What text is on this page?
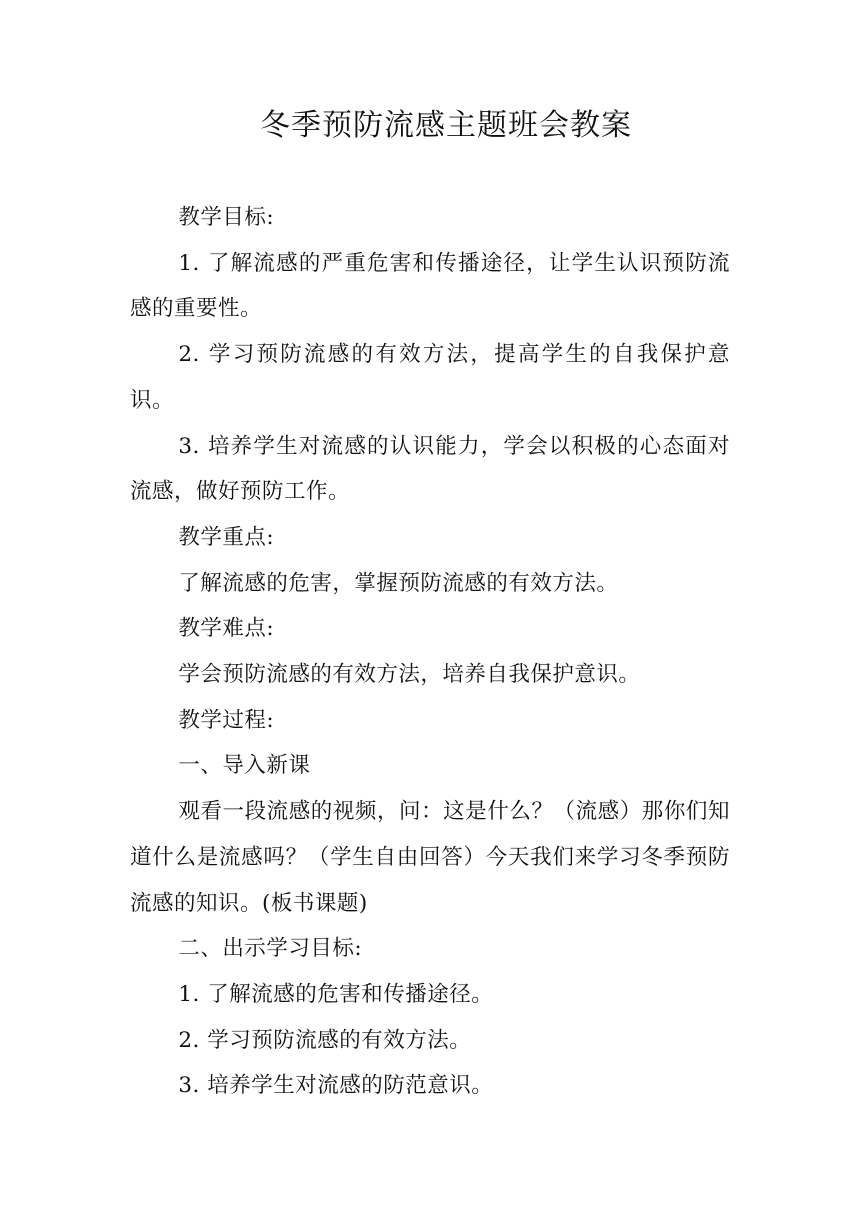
冬季预防流感主题班会教案

教学目标:

1. 了解流感的严重危害和传播途径，让学生认识预防流感的重要性。

2. 学习预防流感的有效方法，提高学生的自我保护意识。

3. 培养学生对流感的认识能力，学会以积极的心态面对流感，做好预防工作。

教学重点:

了解流感的危害，掌握预防流感的有效方法。

教学难点:

学会预防流感的有效方法，培养自我保护意识。

教学过程:

一、导入新课

观看一段流感的视频，问：这是什么？（流感）那你们知道什么是流感吗？（学生自由回答）今天我们来学习冬季预防流感的知识。(板书课题)

二、出示学习目标:

1. 了解流感的危害和传播途径。

2. 学习预防流感的有效方法。

3. 培养学生对流感的防范意识。
